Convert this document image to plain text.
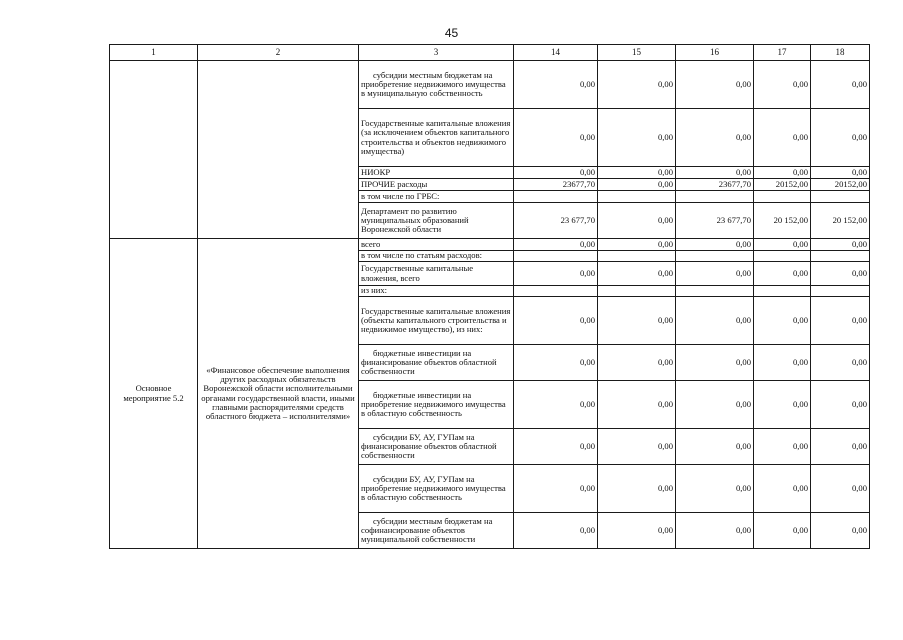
45
1	2	3	14	15	16	17	18
		субсидии местным бюджетам на приобретение недвижимого имущества в муниципальную собственность	0,00	0,00	0,00	0,00	0,00
		Государственные капитальные вложения (за исключением объектов капитального строительства и объектов недвижимого имущества)	0,00	0,00	0,00	0,00	0,00
		НИОКР	0,00	0,00	0,00	0,00	0,00
		ПРОЧИЕ расходы	23677,70	0,00	23677,70	20152,00	20152,00
		в том числе по ГРБС:					
		Департамент по развитию муниципальных образований Воронежской области	23 677,70	0,00	23 677,70	20 152,00	20 152,00
Основное мероприятие 5.2	«Финансовое обеспечение выполнения других расходных обязательств Воронежской области исполнительными органами государственной власти, иными главными распорядителями средств областного бюджета – исполнителями»	всего	0,00	0,00	0,00	0,00	0,00
		в том числе по статьям расходов:					
		Государственные капитальные вложения, всего	0,00	0,00	0,00	0,00	0,00
		из них:					
		Государственные капитальные вложения (объекты капитального строительства и недвижимое имущество), из них:	0,00	0,00	0,00	0,00	0,00
		бюджетные инвестиции на финансирование объектов областной собственности	0,00	0,00	0,00	0,00	0,00
		бюджетные инвестиции на приобретение недвижимого имущества в областную собственность	0,00	0,00	0,00	0,00	0,00
		субсидии БУ, АУ, ГУПам на финансирование объектов областной собственности	0,00	0,00	0,00	0,00	0,00
		субсидии БУ, АУ, ГУПам на приобретение недвижимого имущества в областную собственность	0,00	0,00	0,00	0,00	0,00
		субсидии местным бюджетам на софинансирование объектов муниципальной собственности	0,00	0,00	0,00	0,00	0,00
